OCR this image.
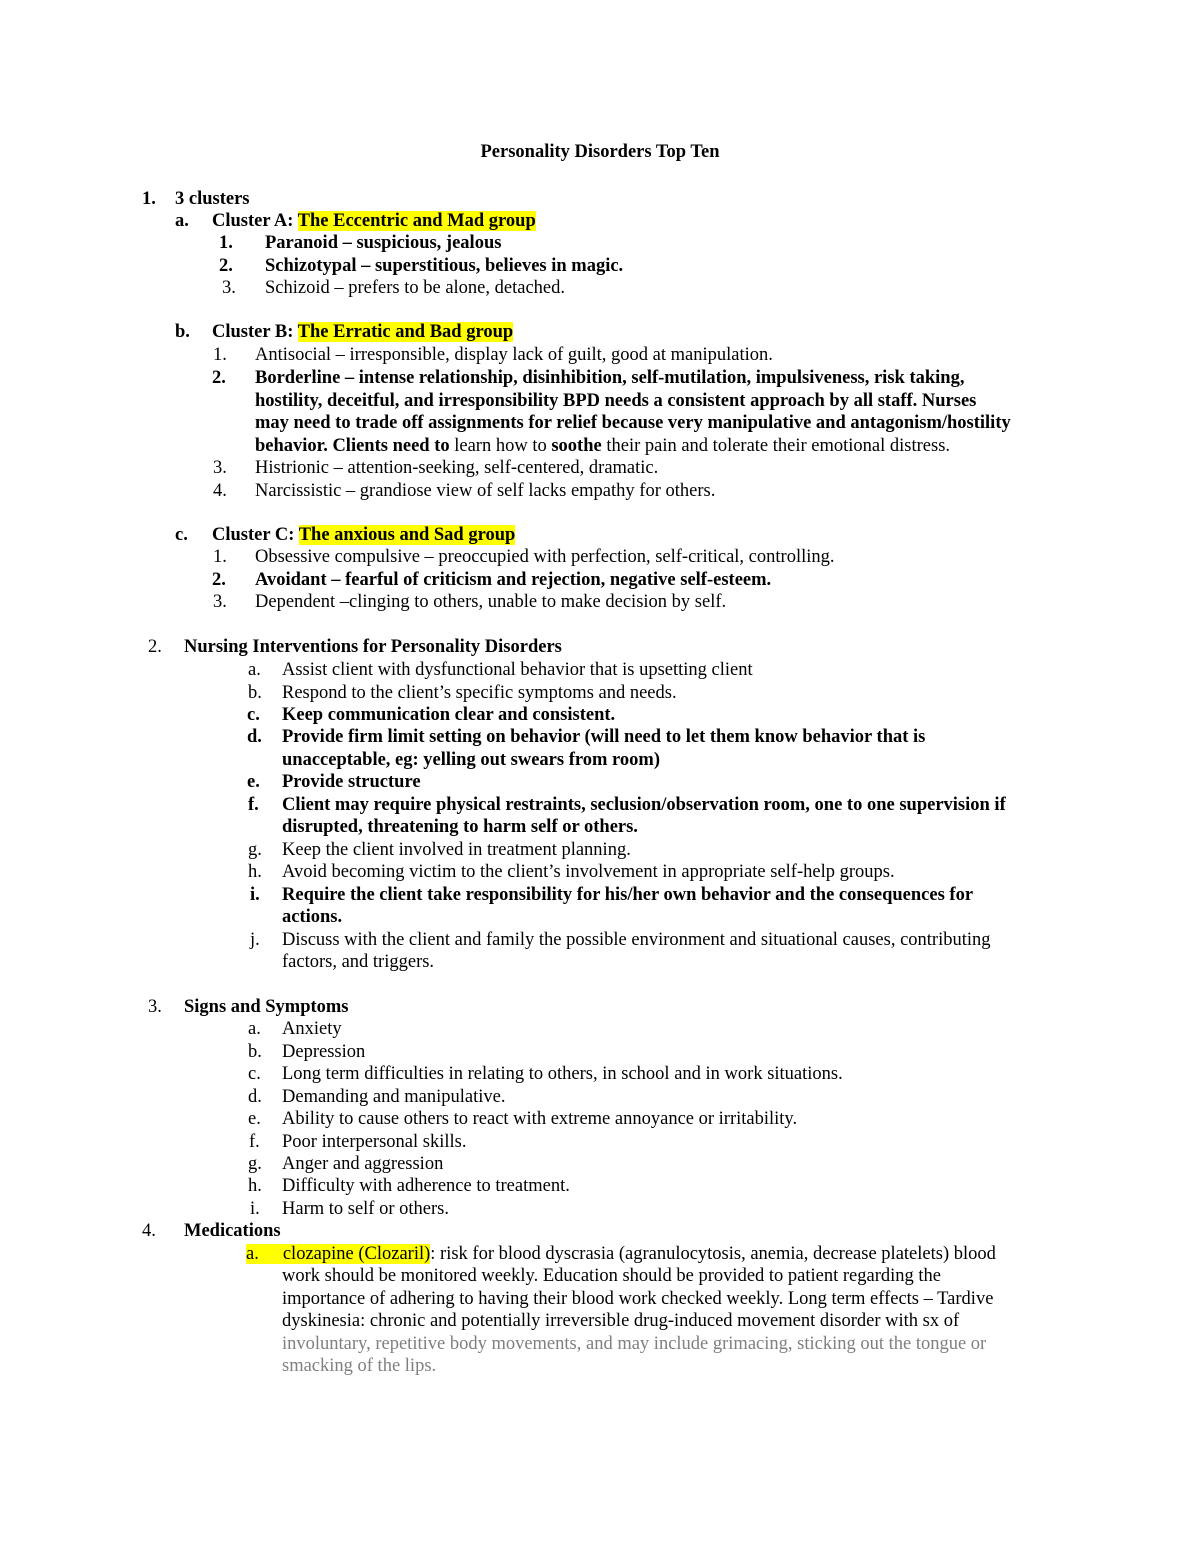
Personality Disorders Top Ten
1. 3 clusters
a. Cluster A: The Eccentric and Mad group
1. Paranoid – suspicious, jealous
2. Schizotypal – superstitious, believes in magic.
3. Schizoid – prefers to be alone, detached.
b. Cluster B: The Erratic and Bad group
1. Antisocial – irresponsible, display lack of guilt, good at manipulation.
2. Borderline – intense relationship, disinhibition, self-mutilation, impulsiveness, risk taking,
hostility, deceitful, and irresponsibility BPD needs a consistent approach by all staff. Nurses
may need to trade off assignments for relief because very manipulative and antagonism/hostility
behavior. Clients need to learn how to soothe their pain and tolerate their emotional distress.
3. Histrionic – attention-seeking, self-centered, dramatic.
4. Narcissistic – grandiose view of self lacks empathy for others.
c. Cluster C: The anxious and Sad group
1. Obsessive compulsive – preoccupied with perfection, self-critical, controlling.
2. Avoidant – fearful of criticism and rejection, negative self-esteem.
3. Dependent –clinging to others, unable to make decision by self.
2. Nursing Interventions for Personality Disorders
a. Assist client with dysfunctional behavior that is upsetting client
b. Respond to the client’s specific symptoms and needs.
c. Keep communication clear and consistent.
d. Provide firm limit setting on behavior (will need to let them know behavior that is
unacceptable, eg: yelling out swears from room)
e. Provide structure
f. Client may require physical restraints, seclusion/observation room, one to one supervision if
disrupted, threatening to harm self or others.
g. Keep the client involved in treatment planning.
h. Avoid becoming victim to the client’s involvement in appropriate self-help groups.
i. Require the client take responsibility for his/her own behavior and the consequences for
actions.
j. Discuss with the client and family the possible environment and situational causes, contributing
factors, and triggers.
3. Signs and Symptoms
a. Anxiety
b. Depression
c. Long term difficulties in relating to others, in school and in work situations.
d. Demanding and manipulative.
e. Ability to cause others to react with extreme annoyance or irritability.
f. Poor interpersonal skills.
g. Anger and aggression
h. Difficulty with adherence to treatment.
i. Harm to self or others.
4. Medications
a. clozapine (Clozaril): risk for blood dyscrasia (agranulocytosis, anemia, decrease platelets) blood
work should be monitored weekly. Education should be provided to patient regarding the
importance of adhering to having their blood work checked weekly. Long term effects – Tardive
dyskinesia: chronic and potentially irreversible drug-induced movement disorder with sx of
involuntary, repetitive body movements, and may include grimacing, sticking out the tongue or
smacking of the lips.
